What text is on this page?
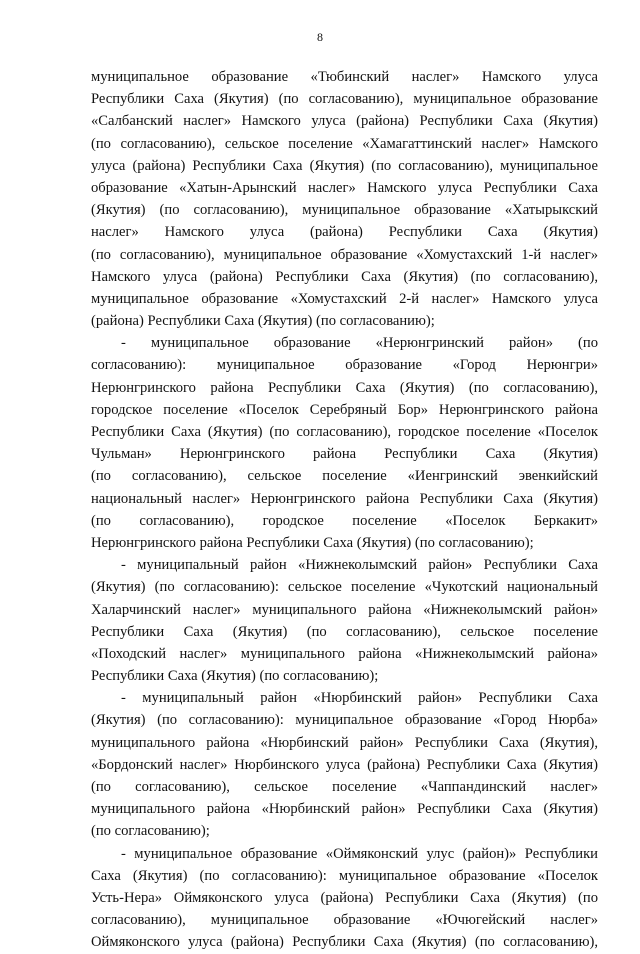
8
муниципальное образование «Тюбинский наслег» Намского улуса
Республики Саха (Якутия) (по согласованию), муниципальное образование
«Салбанский наслег» Намского улуса (района) Республики Саха (Якутия)
(по согласованию), сельское поселение «Хамагаттинский наслег» Намского
улуса (района) Республики Саха (Якутия) (по согласованию), муниципальное
образование «Хатын-Арынский наслег» Намского улуса Республики Саха
(Якутия) (по согласованию), муниципальное образование «Хатырыкский
наслег» Намского улуса (района) Республики Саха (Якутия)
(по согласованию), муниципальное образование «Хомустахский 1-й наслег»
Намского улуса (района) Республики Саха (Якутия) (по согласованию),
муниципальное образование «Хомустахский 2-й наслег» Намского улуса
(района) Республики Саха (Якутия) (по согласованию);
- муниципальное образование «Нерюнгринский район» (по
согласованию): муниципальное образование «Город Нерюнгри»
Нерюнгринского района Республики Саха (Якутия) (по согласованию),
городское поселение «Поселок Серебряный Бор» Нерюнгринского района
Республики Саха (Якутия) (по согласованию), городское поселение «Поселок
Чульман» Нерюнгринского района Республики Саха (Якутия)
(по согласованию), сельское поселение «Иенгринский эвенкийский
национальный наслег» Нерюнгринского района Республики Саха (Якутия)
(по согласованию), городское поселение «Поселок Беркакит»
Нерюнгринского района Республики Саха (Якутия) (по согласованию);
- муниципальный район «Нижнеколымский район» Республики Саха
(Якутия) (по согласованию): сельское поселение «Чукотский национальный
Халарчинский наслег» муниципального района «Нижнеколымский район»
Республики Саха (Якутия) (по согласованию), сельское поселение
«Походский наслег» муниципального района «Нижнеколымский района»
Республики Саха (Якутия) (по согласованию);
- муниципальный район «Нюрбинский район» Республики Саха
(Якутия) (по согласованию): муниципальное образование «Город Нюрба»
муниципального района «Нюрбинский район» Республики Саха (Якутия),
«Бордонский наслег» Нюрбинского улуса (района) Республики Саха (Якутия)
(по согласованию), сельское поселение «Чаппандинский наслег»
муниципального района «Нюрбинский район» Республики Саха (Якутия)
(по согласованию);
- муниципальное образование «Оймяконский улус (район)» Республики
Саха (Якутия) (по согласованию): муниципальное образование «Поселок
Усть-Нера» Оймяконского улуса (района) Республики Саха (Якутия) (по
согласованию), муниципальное образование «Ючюгейский наслег»
Оймяконского улуса (района) Республики Саха (Якутия) (по согласованию),
